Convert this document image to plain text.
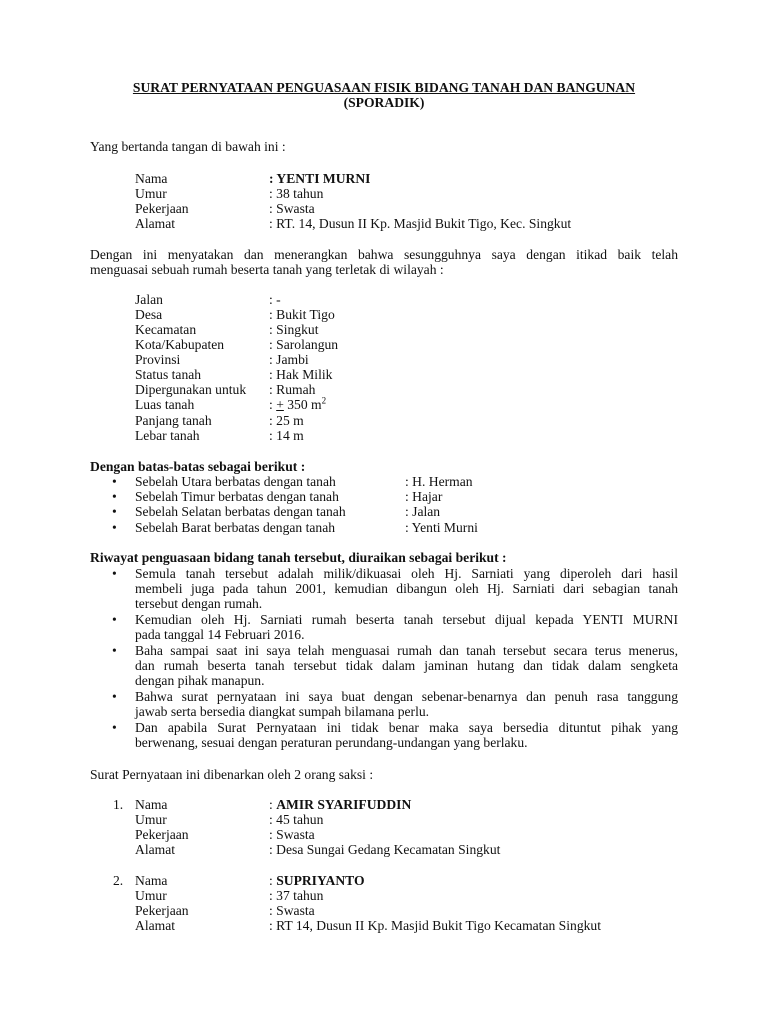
SURAT PERNYATAAN PENGUASAAN FISIK BIDANG TANAH DAN BANGUNAN
(SPORADIK)
Yang bertanda tangan di bawah ini :
Nama	: YENTI MURNI
Umur	: 38 tahun
Pekerjaan	: Swasta
Alamat	: RT. 14, Dusun II Kp. Masjid Bukit Tigo, Kec. Singkut
Dengan ini menyatakan dan menerangkan bahwa sesungguhnya saya dengan itikad baik telah
menguasai sebuah rumah beserta tanah yang terletak di wilayah :
Jalan	: -
Desa	: Bukit Tigo
Kecamatan	: Singkut
Kota/Kabupaten	: Sarolangun
Provinsi	: Jambi
Status tanah	: Hak Milik
Dipergunakan untuk : Rumah
Luas tanah	: + 350 $m^2$
Panjang tanah	: 25 m
Lebar tanah	: 14 m
Dengan batas-batas sebagai berikut :
• Sebelah Utara berbatas dengan tanah	: H. Herman
• Sebelah Timur berbatas dengan tanah	: Hajar
• Sebelah Selatan berbatas dengan tanah	: Jalan
• Sebelah Barat berbatas dengan tanah	: Yenti Murni
Riwayat penguasaan bidang tanah tersebut, diuraikan sebagai berikut :
• Semula tanah tersebut adalah milik/dikuasai oleh Hj. Sarniati yang diperoleh dari hasil
membeli juga pada tahun 2001, kemudian dibangun oleh Hj. Sarniati dari sebagian tanah
tersebut dengan rumah.
• Kemudian oleh Hj. Sarniati rumah beserta tanah tersebut dijual kepada YENTI MURNI
pada tanggal 14 Februari 2016.
• Baha sampai saat ini saya telah menguasai rumah dan tanah tersebut secara terus menerus,
dan rumah beserta tanah tersebut tidak dalam jaminan hutang dan tidak dalam sengketa
dengan pihak manapun.
• Bahwa surat pernyataan ini saya buat dengan sebenar-benarnya dan penuh rasa tanggung
jawab serta bersedia diangkat sumpah bilamana perlu.
• Dan apabila Surat Pernyataan ini tidak benar maka saya bersedia dituntut pihak yang
berwenang, sesuai dengan peraturan perundang-undangan yang berlaku.
Surat Pernyataan ini dibenarkan oleh 2 orang saksi :
1. Nama	: AMIR SYARIFUDDIN
Umur	: 45 tahun
Pekerjaan	: Swasta
Alamat	: Desa Sungai Gedang Kecamatan Singkut
2. Nama	: SUPRIYANTO
Umur	: 37 tahun
Pekerjaan	: Swasta
Alamat	: RT 14, Dusun II Kp. Masjid Bukit Tigo Kecamatan Singkut
